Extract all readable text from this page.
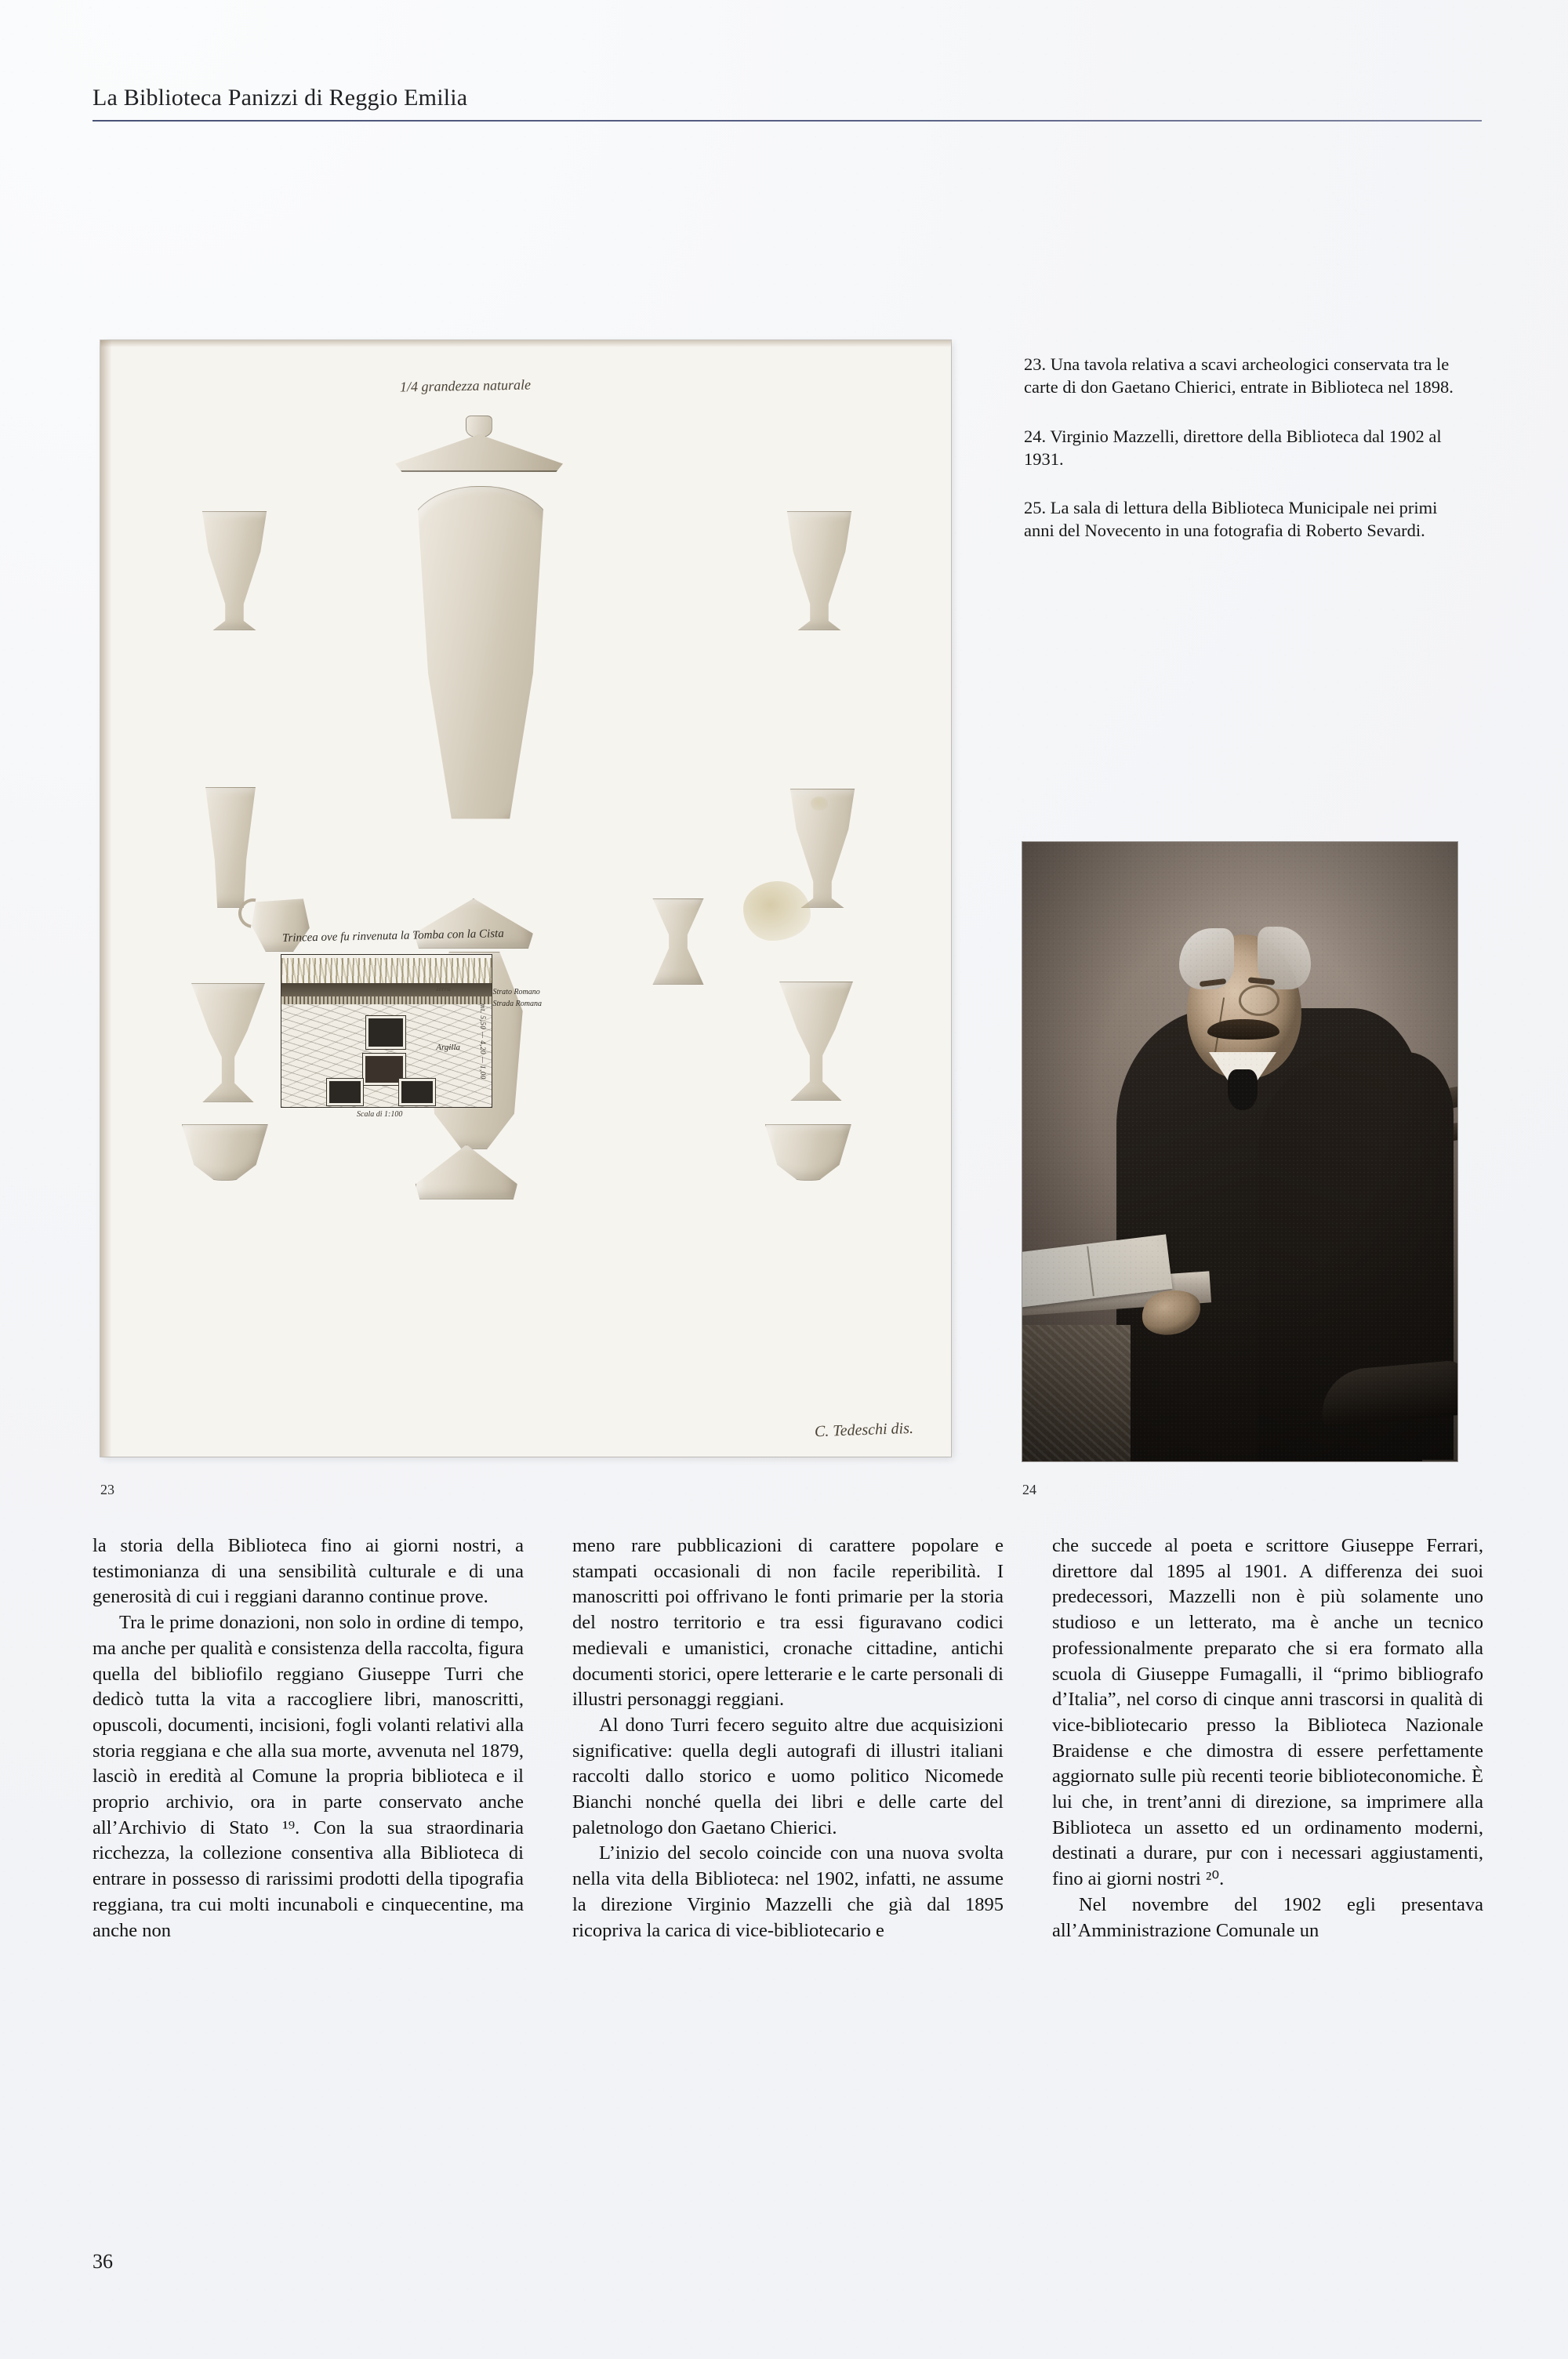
La Biblioteca Panizzi di Reggio Emilia
1/4 grandezza naturale
Trincea ove fu rinvenuta la Tomba con la Cista
Terra
Argilla	mt. 5,50 — 4,20 — 1,00
Strato Romano
Strada Romana
Scala di 1:100
C. Tedeschi dis.
23. Una tavola relativa a scavi archeologici conservata tra le carte di don Gaetano Chierici, entrate in Biblioteca nel 1898.
24. Virginio Mazzelli, direttore della Biblioteca dal 1902 al 1931.
25. La sala di lettura della Biblioteca Municipale nei primi anni del Novecento in una fotografia di Roberto Sevardi.
23	24

la storia della Biblioteca fino ai giorni nostri, a testimonianza di una sensibilità culturale e di una generosità di cui i reggiani daranno continue prove.

Tra le prime donazioni, non solo in ordine di tempo, ma anche per qualità e consistenza della raccolta, figura quella del bibliofilo reggiano Giuseppe Turri che dedicò tutta la vita a raccogliere libri, manoscritti, opuscoli, documenti, incisioni, fogli volanti relativi alla storia reggiana e che alla sua morte, avvenuta nel 1879, lasciò in eredità al Comune la propria biblioteca e il proprio archivio, ora in parte conservato anche all’Archivio di Stato ¹⁹. Con la sua straordinaria ricchezza, la collezione consentiva alla Biblioteca di entrare in possesso di rarissimi prodotti della tipografia reggiana, tra cui molti incunaboli e cinquecentine, ma anche non

meno rare pubblicazioni di carattere popolare e stampati occasionali di non facile reperibilità. I manoscritti poi offrivano le fonti primarie per la storia del nostro territorio e tra essi figuravano codici medievali e umanistici, cronache cittadine, antichi documenti storici, opere letterarie e le carte personali di illustri personaggi reggiani.

Al dono Turri fecero seguito altre due acquisizioni significative: quella degli autografi di illustri italiani raccolti dallo storico e uomo politico Nicomede Bianchi nonché quella dei libri e delle carte del paletnologo don Gaetano Chierici.

L’inizio del secolo coincide con una nuova svolta nella vita della Biblioteca: nel 1902, infatti, ne assume la direzione Virginio Mazzelli che già dal 1895 ricopriva la carica di vice-bibliotecario e

che succede al poeta e scrittore Giuseppe Ferrari, direttore dal 1895 al 1901. A differenza dei suoi predecessori, Mazzelli non è più solamente uno studioso e un letterato, ma è anche un tecnico professionalmente preparato che si era formato alla scuola di Giuseppe Fumagalli, il “primo bibliografo d’Italia”, nel corso di cinque anni trascorsi in qualità di vice-bibliotecario presso la Biblioteca Nazionale Braidense e che dimostra di essere perfettamente aggiornato sulle più recenti teorie biblioteconomiche. È lui che, in trent’anni di direzione, sa imprimere alla Biblioteca un assetto ed un ordinamento moderni, destinati a durare, pur con i necessari aggiustamenti, fino ai giorni nostri ²⁰.

Nel novembre del 1902 egli presentava all’Amministrazione Comunale un

36
